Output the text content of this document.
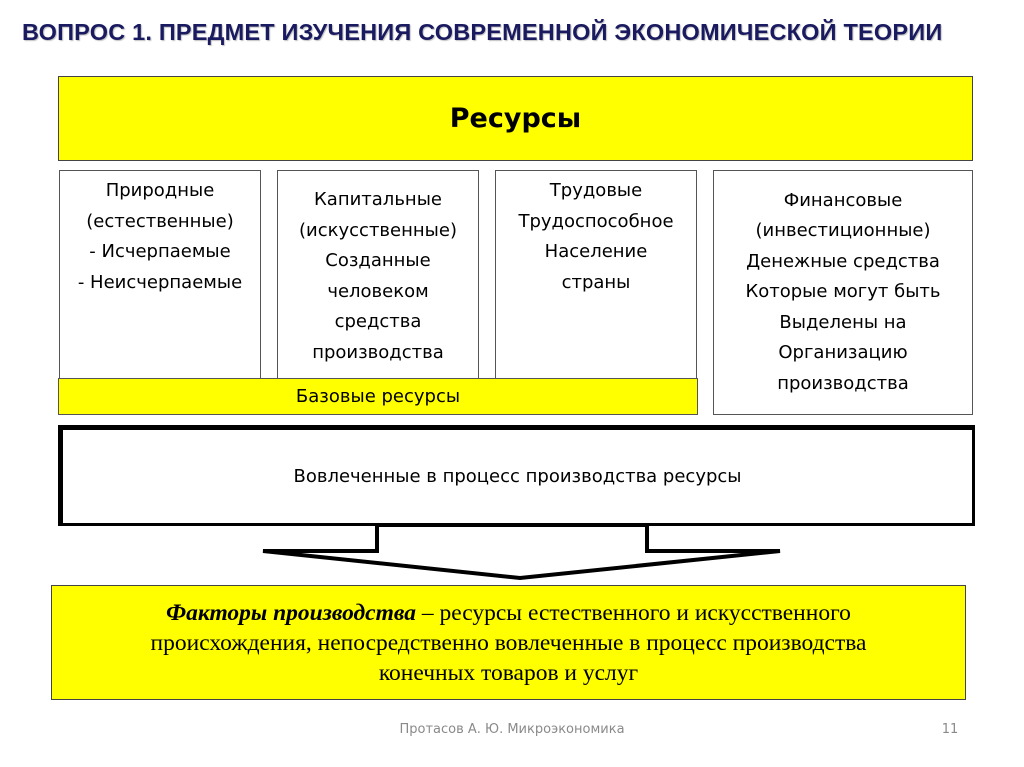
ВОПРОС 1. ПРЕДМЕТ ИЗУЧЕНИЯ СОВРЕМЕННОЙ ЭКОНОМИЧЕСКОЙ ТЕОРИИ
Ресурсы
Природные
(естественные)
- Исчерпаемые
- Неисчерпаемые
Капитальные
(искусственные)
Созданные
человеком
средства
производства
Трудовые
Трудоспособное
Население
страны
Финансовые
(инвестиционные)
Денежные средства
Которые могут быть
Выделены на
Организацию
производства
Базовые ресурсы
Вовлеченные в процесс производства ресурсы
Факторы производства – ресурсы естественного и искусственного
происхождения, непосредственно вовлеченные в процесс производства
конечных товаров и услуг
Протасов А. Ю. Микроэкономика	11
